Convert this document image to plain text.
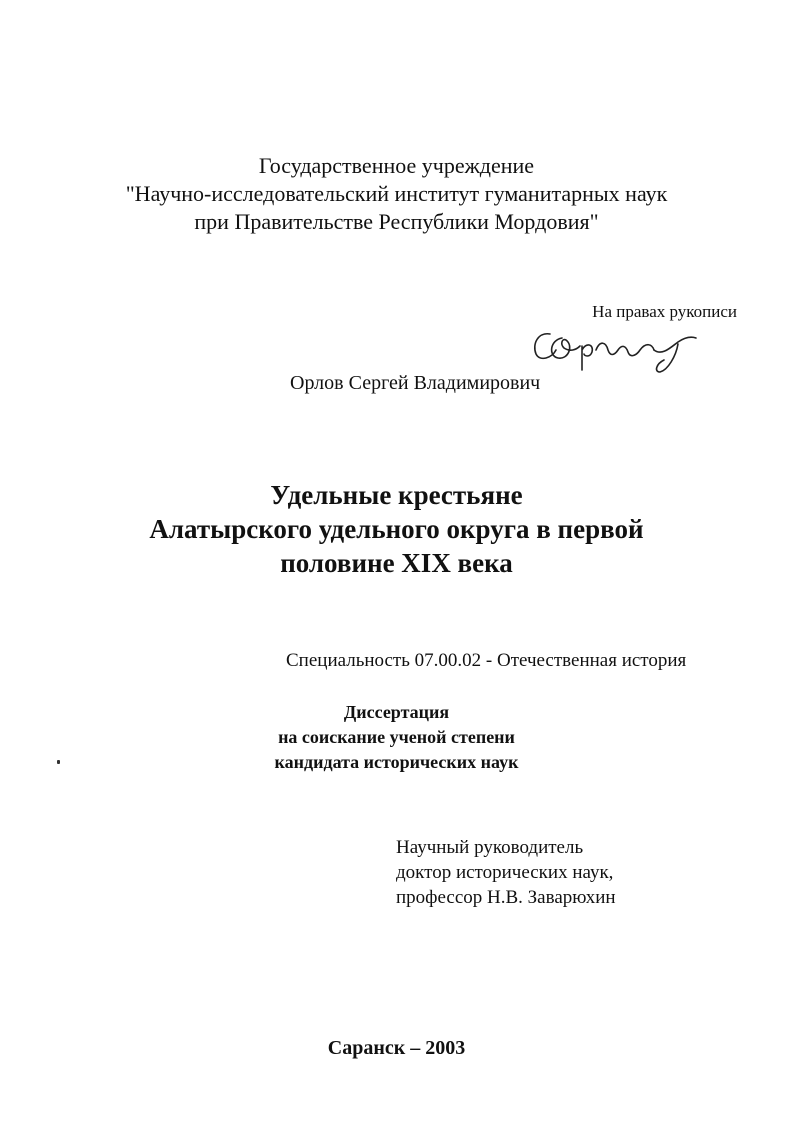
Государственное учреждение
"Научно-исследовательский институт гуманитарных наук
при Правительстве Республики Мордовия"
На правах рукописи
Орлов Сергей Владимирович
Удельные крестьяне
Алатырского удельного округа в первой
половине XIX века
Специальность 07.00.02 - Отечественная история
Диссертация
на соискание ученой степени
кандидата исторических наук
Научный руководитель
доктор исторических наук,
профессор Н.В. Заварюхин
Саранск – 2003
